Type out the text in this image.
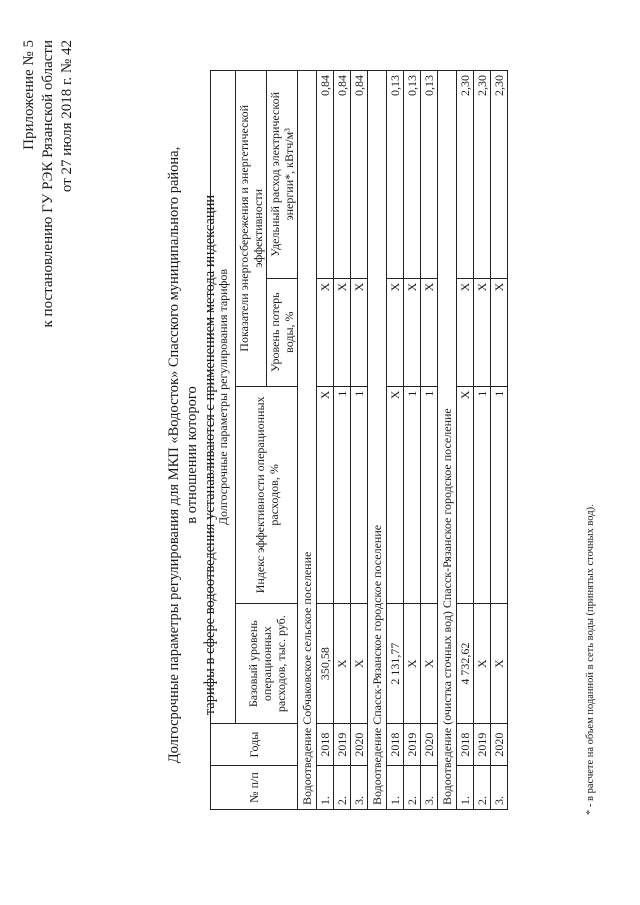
Приложение № 5 к постановлению ГУ РЭК Рязанской области от 27 июля 2018 г. № 42
Долгосрочные параметры регулирования для МКП «Водосток» Спасского муниципального района, в отношении которого тарифы в сфере водоотведения устанавливаются с применением метода индексации
№ п/п	Годы	Долгосрочные параметры регулирования тарифов			
		Базовый уровень операционных расходов, тыс. руб.	Индекс эффективности операционных расходов, %	Показатели энергосбережения и энергетической эффективности	
				Уровень потерь воды, %	Удельный расход электрической энергии*, кВтч/м³
Водоотведение Собчаковское сельское поселение					
1.	2018	350,58	Х	Х	0,84
2.	2019	Х	1	Х	0,84
3.	2020	Х	1	Х	0,84
Водоотведение Спасск-Рязанское городское поселение					
1.	2018	2 131,77	Х	Х	0,13
2.	2019	Х	1	Х	0,13
3.	2020	Х	1	Х	0,13
Водоотведение (очистка сточных вод) Спасск-Рязанское городское поселение					
1.	2018	4 732,62	Х	Х	2,30
2.	2019	Х	1	Х	2,30
3.	2020	Х	1	Х	2,30
* - в расчете на объем поданной в сеть воды (принятых сточных вод).
